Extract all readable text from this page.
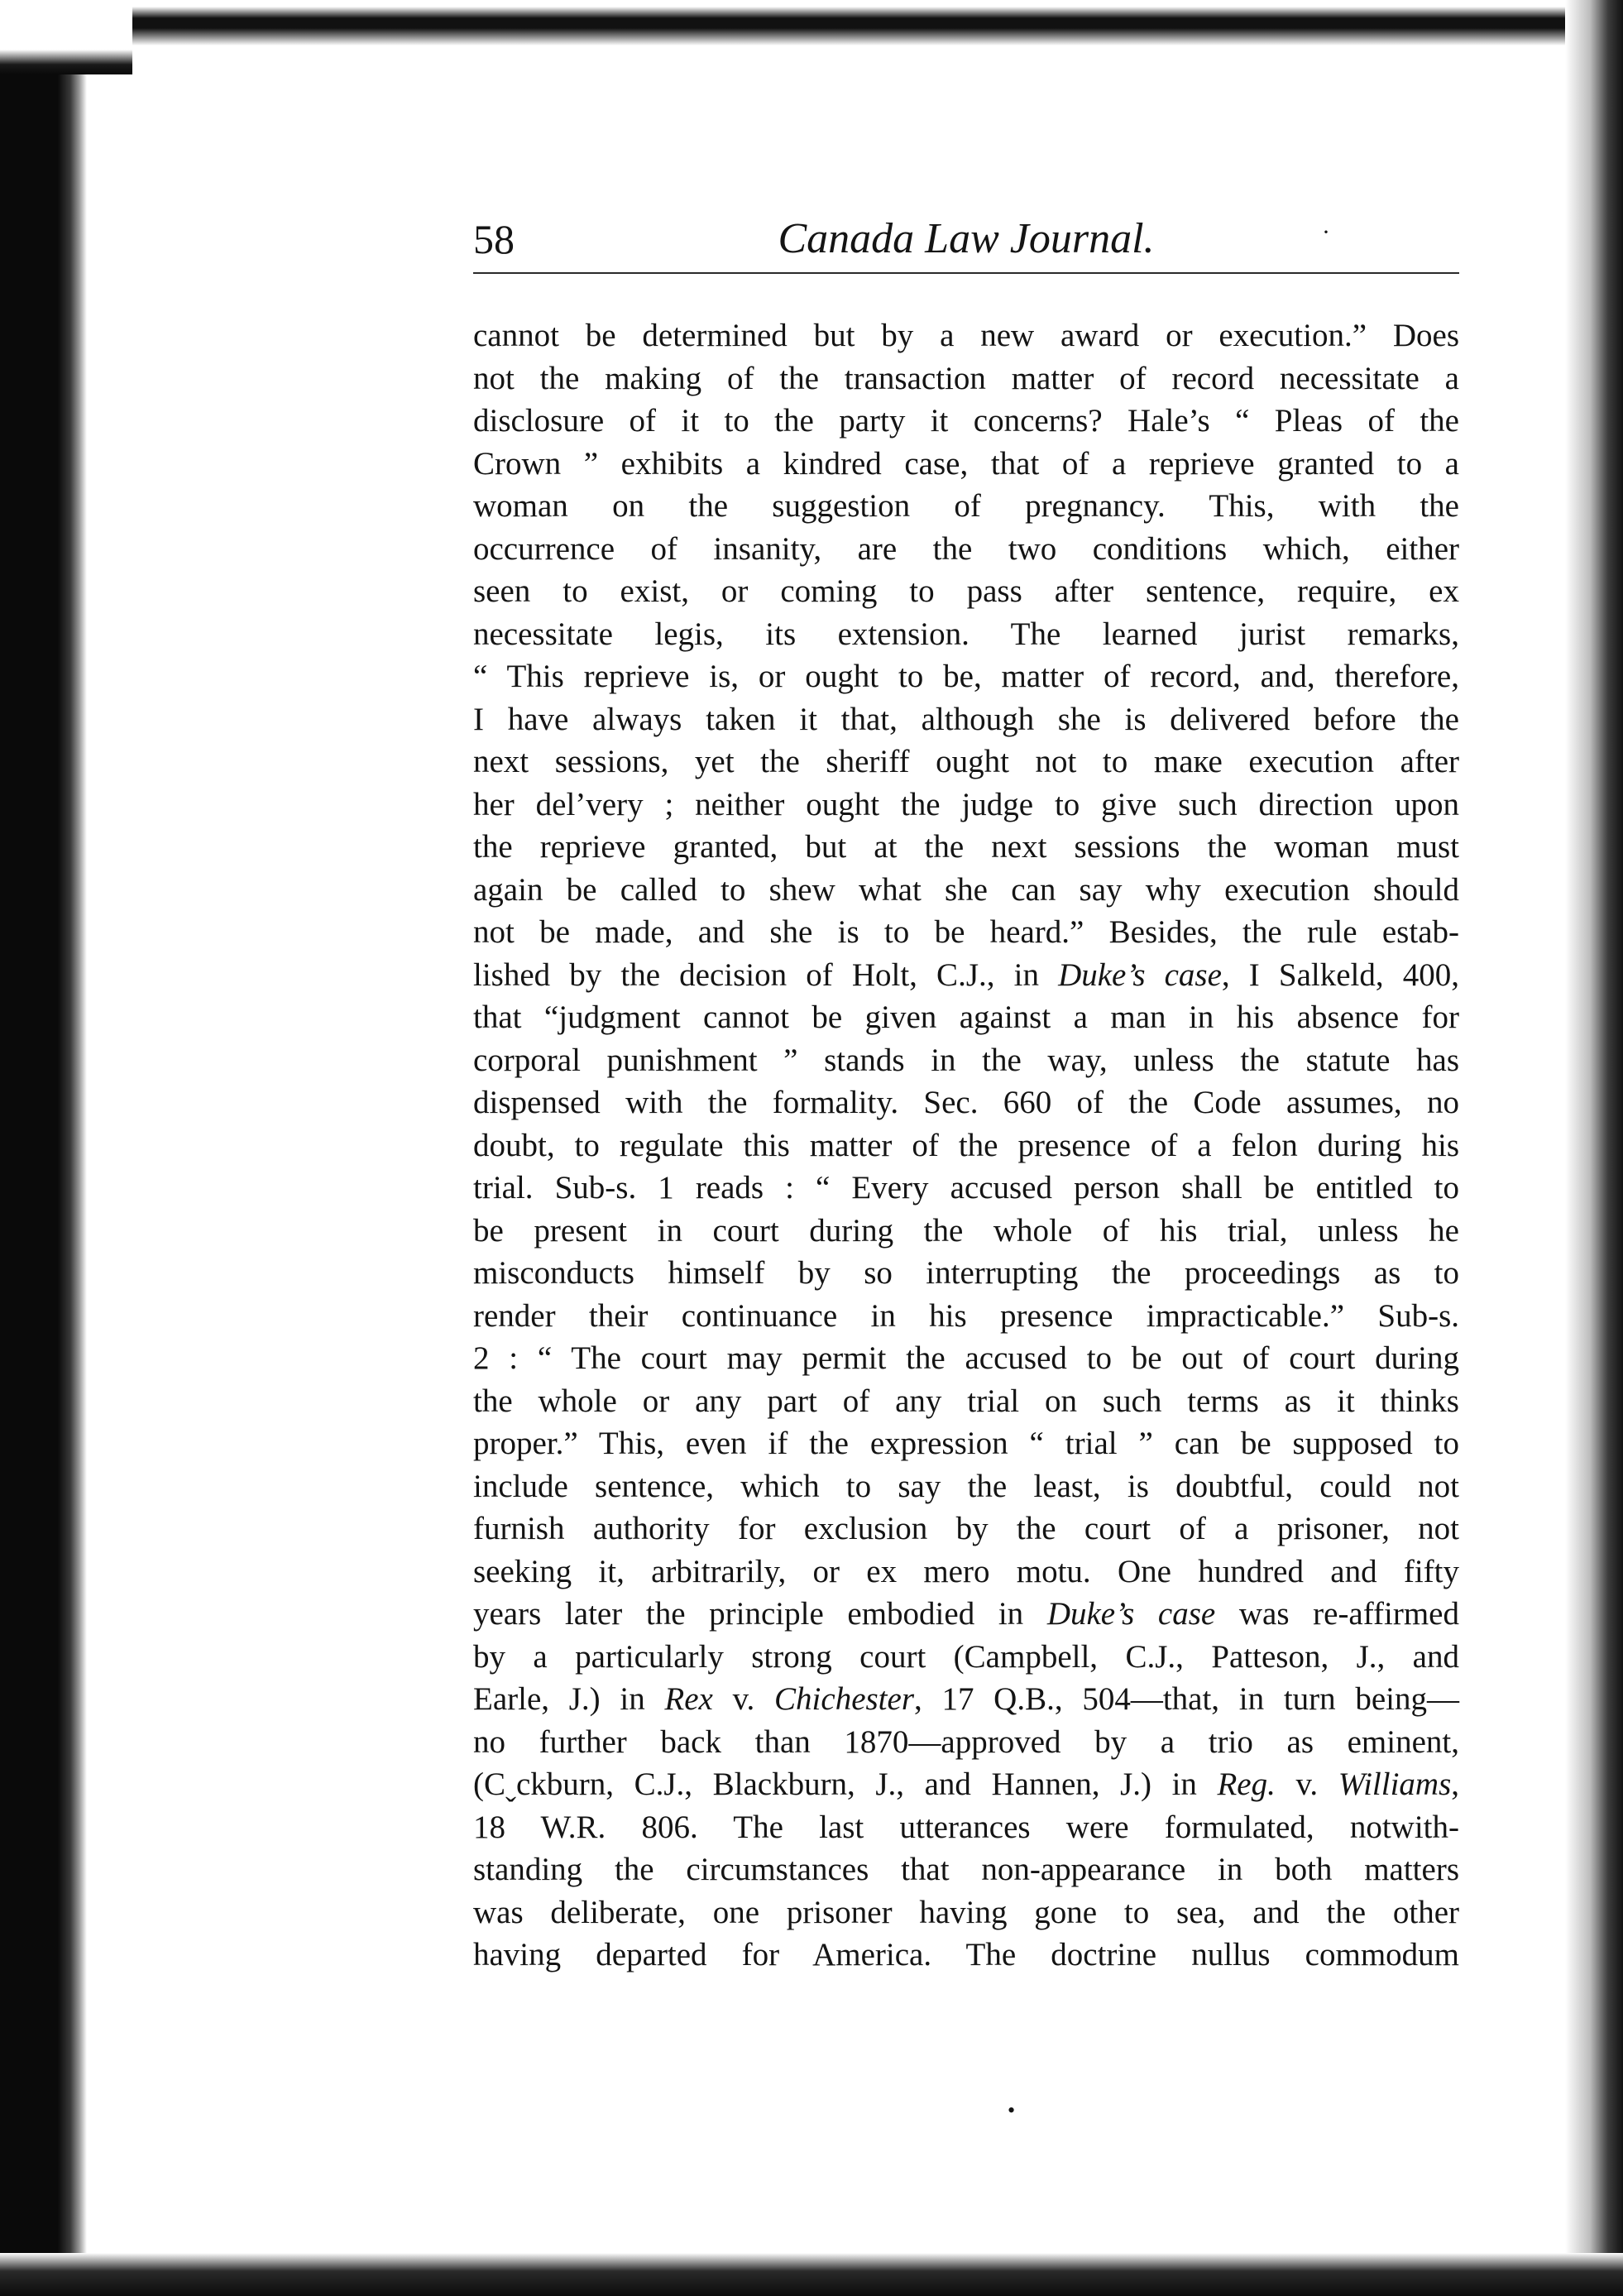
58	Canada Law Journal.	·
cannot be determined but by a new award or execution.” Does
not the making of the transaction matter of record necessitate a
disclosure of it to the party it concerns? Hale’s “ Pleas of the
Crown ” exhibits a kindred case, that of a reprieve granted to a
woman on the suggestion of pregnancy. This, with the
occurrence of insanity, are the two conditions which, either
seen to exist, or coming to pass after sentence, require, ex
necessitate legis, its extension. The learned jurist remarks,
“ This reprieve is, or ought to be, matter of record, and, therefore,
I have always taken it that, although she is delivered before the
next sessions, yet the sheriff ought not to maке execution after
her delʼvery ; neither ought the judge to give such direction upon
the reprieve granted, but at the next sessions the woman must
again be called to shew what she can say why execution should
not be made, and she is to be heard.” Besides, the rule estab-
lished by the decision of Holt, C.J., in Duke’s case, I Salkeld, 400,
that “judgment cannot be given against a man in his absence for
corporal punishment ” stands in the way, unless the statute has
dispensed with the formality. Sec. 660 of the Code assumes, no
doubt, to regulate this matter of the presence of a felon during his
trial. Sub-s. 1 reads : “ Every accused person shall be entitled to
be present in court during the whole of his trial, unless he
misconducts himself by so interrupting the proceedings as to
render their continuance in his presence impracticable.” Sub-s.
2 : “ The court may permit the accused to be out of court during
the whole or any part of any trial on such terms as it thinks
proper.” This, even if the expression “ trial ” can be supposed to
include sentence, which to say the least, is doubtful, could not
furnish authority for exclusion by the court of a prisoner, not
seeking it, arbitrarily, or ex mero motu. One hundred and fifty
years later the principle embodied in Duke’s case was re-affirmed
by a particularly strong court (Campbell, C.J., Patteson, J., and
Earle, J.) in Rex v. Chichester, 17 Q.B., 504—that, in turn being—
no further back than 1870—approved by a trio as eminent,
(Cˬckburn, C.J., Blackburn, J., and Hannen, J.) in Reg. v. Williams,
18 W.R. 806. The last utterances were formulated, notwith-
standing the circumstances that non-appearance in both matters
was deliberate, one prisoner having gone to sea, and the other
having departed for America. The doctrine nullus commodum
•
